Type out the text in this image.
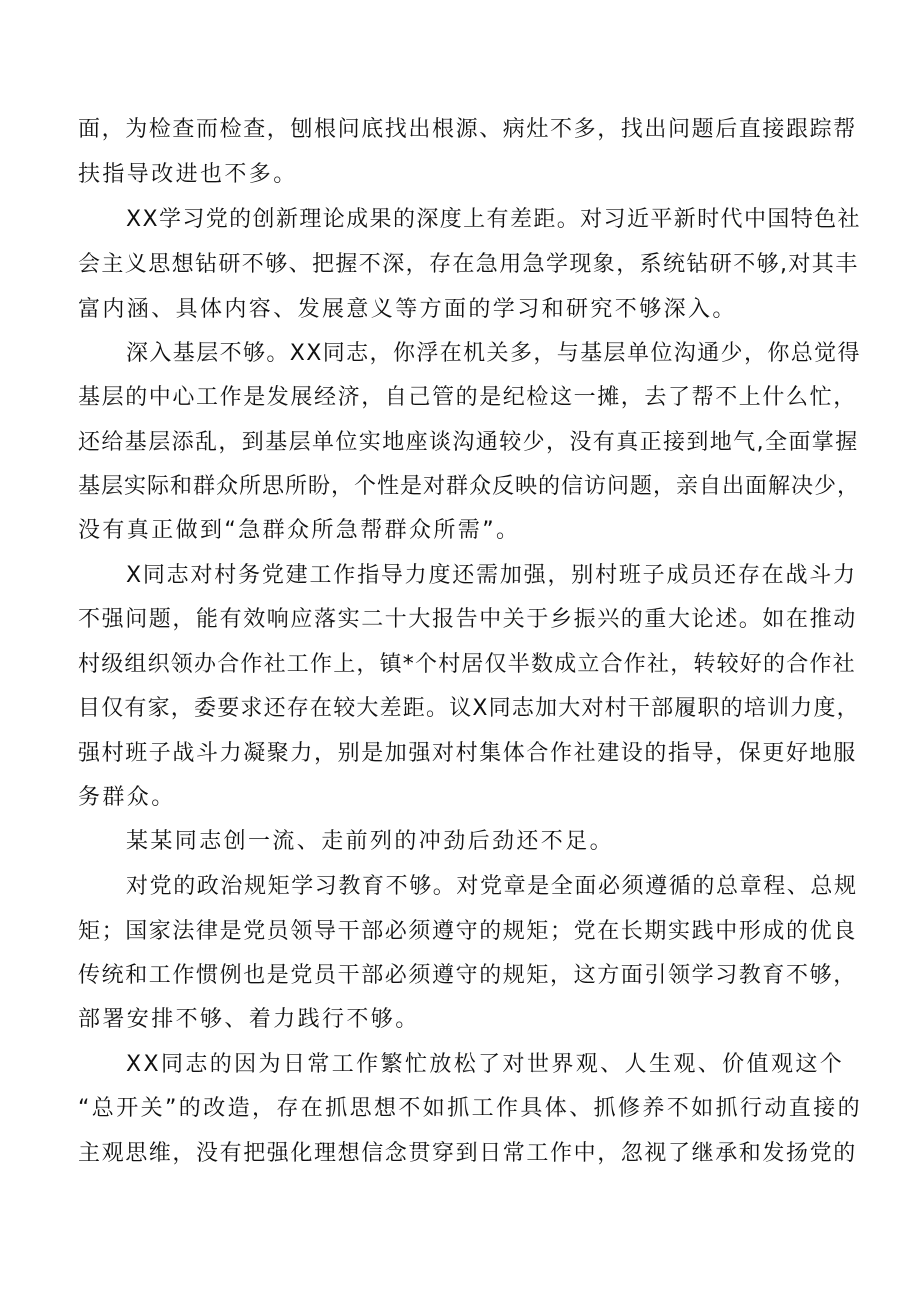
面，为检查而检查，刨根问底找出根源、病灶不多，找出问题后直接跟踪帮
扶指导改进也不多。
XX学习党的创新理论成果的深度上有差距。对习近平新时代中国特色社
会主义思想钻研不够、把握不深，存在急用急学现象，系统钻研不够,对其丰
富内涵、具体内容、发展意义等方面的学习和研究不够深入。
深入基层不够。XX同志，你浮在机关多，与基层单位沟通少，你总觉得
基层的中心工作是发展经济，自己管的是纪检这一摊，去了帮不上什么忙，
还给基层添乱，到基层单位实地座谈沟通较少，没有真正接到地气,全面掌握
基层实际和群众所思所盼，个性是对群众反映的信访问题，亲自出面解决少，
没有真正做到“急群众所急帮群众所需”。
X同志对村务党建工作指导力度还需加强，别村班子成员还存在战斗力
不强问题，能有效响应落实二十大报告中关于乡振兴的重大论述。如在推动
村级组织领办合作社工作上，镇*个村居仅半数成立合作社，转较好的合作社
目仅有家，委要求还存在较大差距。议X同志加大对村干部履职的培训力度，
强村班子战斗力凝聚力，别是加强对村集体合作社建设的指导，保更好地服
务群众。
某某同志创一流、走前列的冲劲后劲还不足。
对党的政治规矩学习教育不够。对党章是全面必须遵循的总章程、总规
矩；国家法律是党员领导干部必须遵守的规矩；党在长期实践中形成的优良
传统和工作惯例也是党员干部必须遵守的规矩，这方面引领学习教育不够，
部署安排不够、着力践行不够。
XX同志的因为日常工作繁忙放松了对世界观、人生观、价值观这个
“总开关”的改造，存在抓思想不如抓工作具体、抓修养不如抓行动直接的
主观思维，没有把强化理想信念贯穿到日常工作中，忽视了继承和发扬党的
